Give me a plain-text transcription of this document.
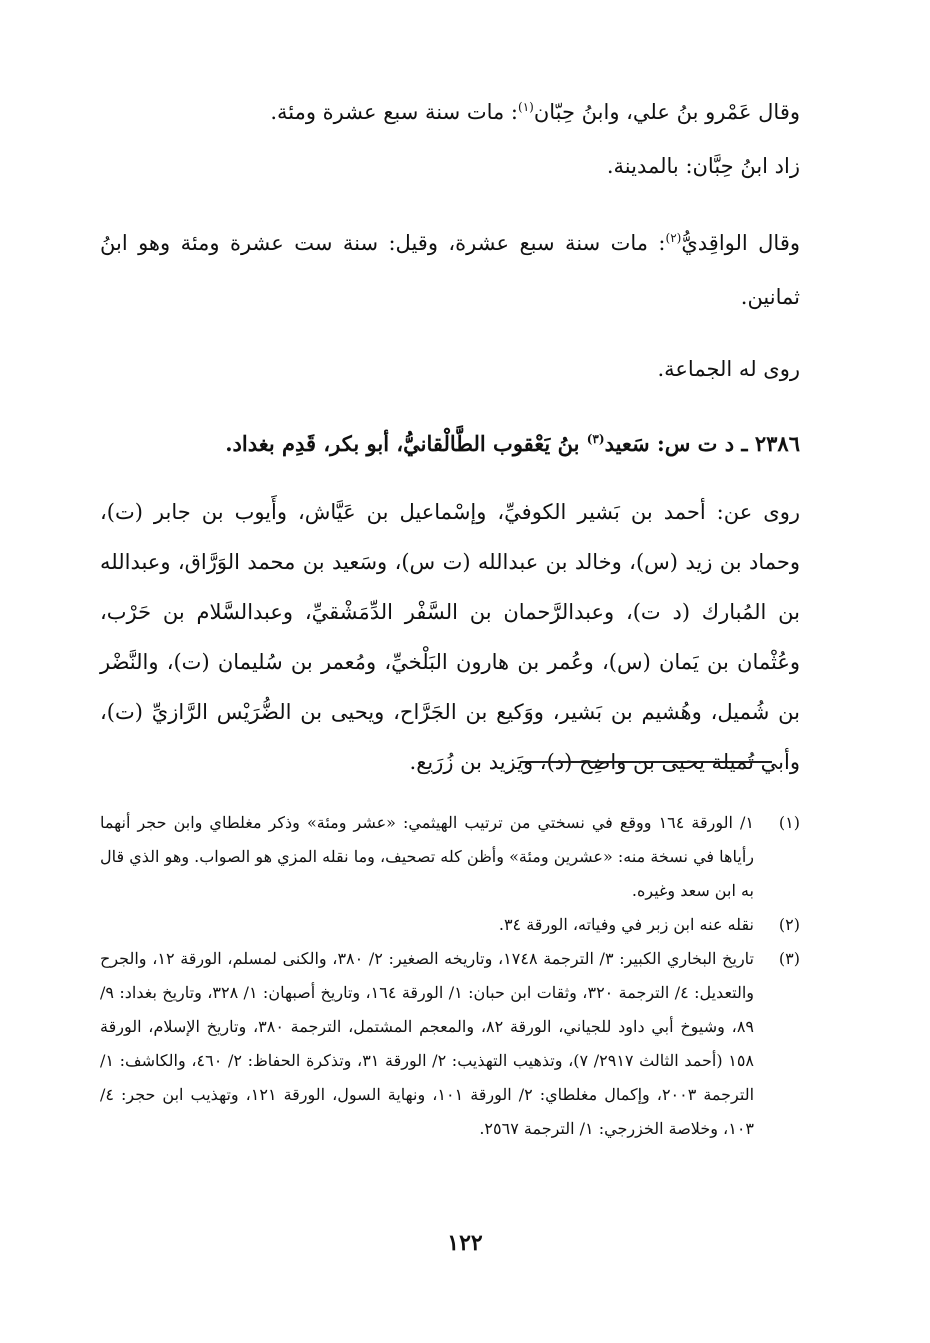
وقال عَمْرو بنُ علي، وابنُ حِبّان$^{(١)}$: مات سنة سبع عشرة ومئة.
زاد ابنُ حِبَّان: بالمدينة.

وقال الواقِديُّ$^{(٢)}$: مات سنة سبع عشرة، وقيل: سنة ست عشرة ومئة وهو ابنُ ثمانين.

روى له الجماعة.

٢٣٨٦ ـ د ت س: سَعيد$^{(٣)}$ بنُ يَعْقوب الطَّالْقانيُّ، أبو بكر، قَدِم بغداد.

روى عن: أحمد بن بَشير الكوفيِّ، وإسْماعيل بن عَيَّاش، وأَيوب بن جابر (ت)، وحماد بن زيد (س)، وخالد بن عبدالله (ت س)، وسَعيد بن محمد الوَرَّاق، وعبدالله بن المُبارك (د ت)، وعبدالرَّحمان بن السَّفْر الدِّمَشْقيِّ، وعبدالسَّلام بن حَرْب، وعُثْمان بن يَمان (س)، وعُمر بن هارون البَلْخيِّ، ومُعمر بن سُليمان (ت)، والنَّضْر بن شُميل، وهُشيم بن بَشير، ووَكيع بن الجَرَّاح، ويحيى بن الضُّرَيْس الرَّازيِّ (ت)، وأبي تُميلة يحيى بن واضِح (د)، ويَزيد بن زُرَيع.

(١)
١/ الورقة ١٦٤ ووقع في نسختي من ترتيب الهيثمي: «عشر ومئة» وذكر مغلطاي وابن حجر أنهما رأياها في نسخة منه: «عشرين ومئة» وأظن كله تصحيف، وما نقله المزي هو الصواب. وهو الذي قال به ابن سعد وغيره.
(٢)
نقله عنه ابن زبر في وفياته، الورقة ٣٤.
(٣)
تاريخ البخاري الكبير: ٣/ الترجمة ١٧٤٨، وتاريخه الصغير: ٢/ ٣٨٠، والكنى لمسلم، الورقة ١٢، والجرح والتعديل: ٤/ الترجمة ٣٢٠، وثقات ابن حبان: ١/ الورقة ١٦٤، وتاريخ أصبهان: ١/ ٣٢٨، وتاريخ بغداد: ٩/ ٨٩، وشيوخ أبي داود للجياني، الورقة ٨٢، والمعجم المشتمل، الترجمة ٣٨٠، وتاريخ الإسلام، الورقة ١٥٨ (أحمد الثالث ٢٩١٧/ ٧)، وتذهيب التهذيب: ٢/ الورقة ٣١، وتذكرة الحفاظ: ٢/ ٤٦٠، والكاشف: ١/ الترجمة ٢٠٠٣، وإكمال مغلطاي: ٢/ الورقة ١٠١، ونهاية السول، الورقة ١٢١، وتهذيب ابن حجر: ٤/ ١٠٣، وخلاصة الخزرجي: ١/ الترجمة ٢٥٦٧.
١٢٢
